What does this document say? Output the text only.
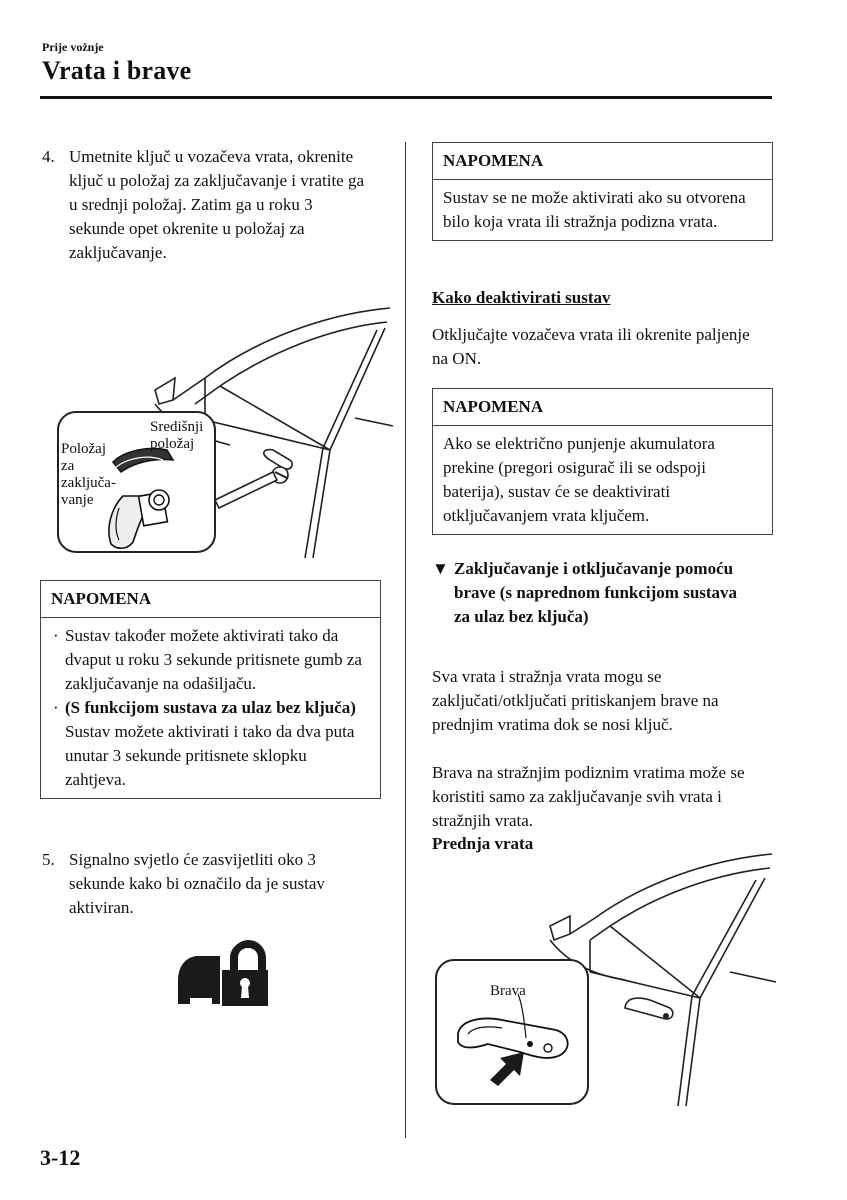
Prije vožnje
Vrata i brave
4. Umetnite ključ u vozačeva vrata, okrenite ključ u položaj za zaključavanje i vratite ga u srednji položaj. Zatim ga u roku 3 sekunde opet okrenite u položaj za zaključavanje.
Položaj
za
zaključa-
vanje
Središnji
položaj
NAPOMENA
· Sustav također možete aktivirati tako da dvaput u roku 3 sekunde pritisnete gumb za zaključavanje na odašiljaču.
· (S funkcijom sustava za ulaz bez ključa)
Sustav možete aktivirati i tako da dva puta unutar 3 sekunde pritisnete sklopku zahtjeva.
5. Signalno svjetlo će zasvijetliti oko 3 sekunde kako bi označilo da je sustav aktiviran.
NAPOMENA
Sustav se ne može aktivirati ako su otvorena bilo koja vrata ili stražnja podizna vrata.
Kako deaktivirati sustav
Otključajte vozačeva vrata ili okrenite paljenje na ON.
NAPOMENA
Ako se električno punjenje akumulatora prekine (pregori osigurač ili se odspoji baterija), sustav će se deaktivirati otključavanjem vrata ključem.
▼ Zaključavanje i otključavanje pomoću brave (s naprednom funkcijom sustava za ulaz bez ključa)
Sva vrata i stražnja vrata mogu se zaključati/otključati pritiskanjem brave na prednjim vratima dok se nosi ključ.
Brava na stražnjim podiznim vratima može se koristiti samo za zaključavanje svih vrata i stražnjih vrata.
Prednja vrata
Brava
3-12
